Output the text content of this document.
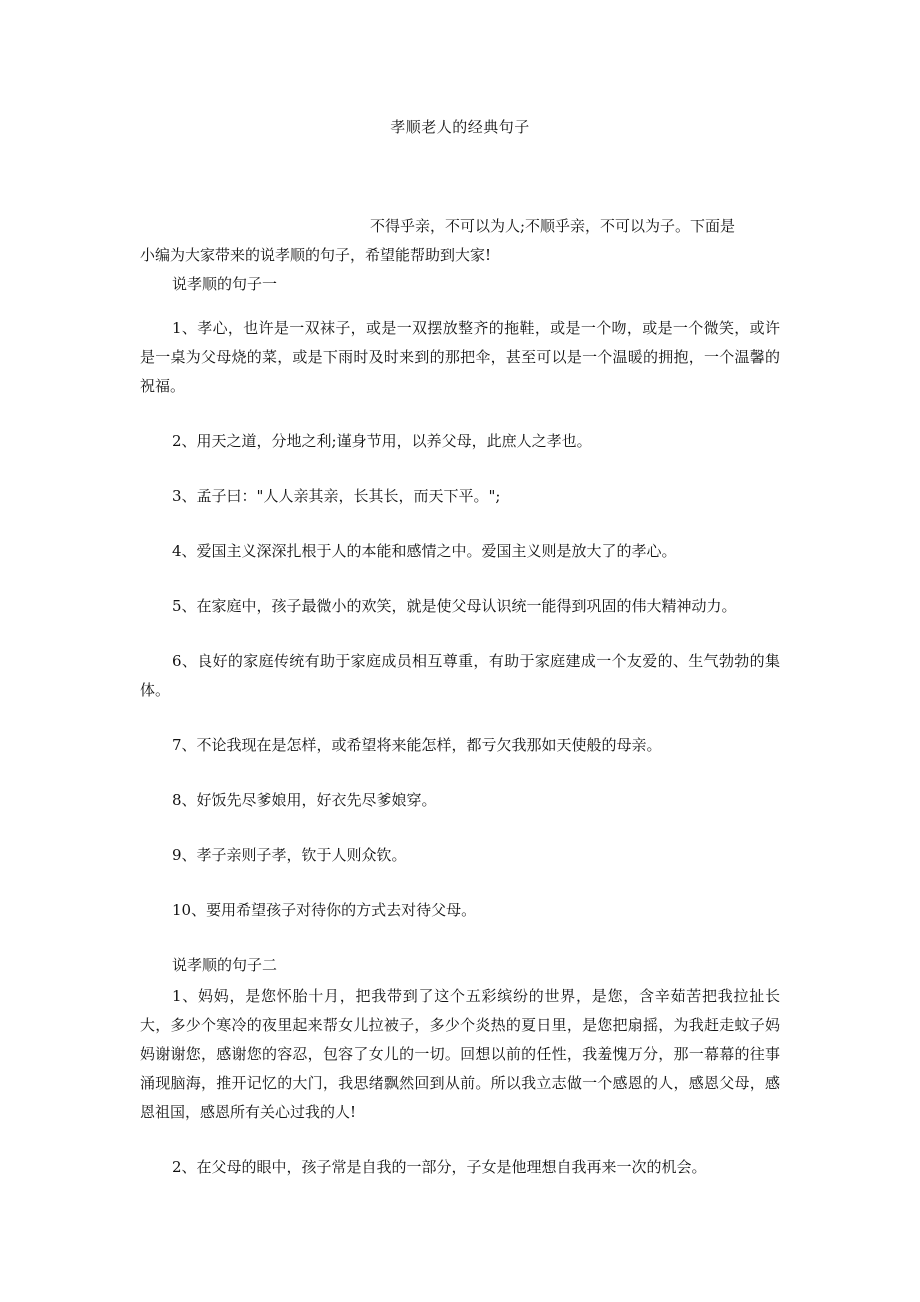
孝顺老人的经典句子
不得乎亲，不可以为人;不顺乎亲，不可以为子。下面是
小编为大家带来的说孝顺的句子，希望能帮助到大家!

说孝顺的句子一

1、孝心，也许是一双袜子，或是一双摆放整齐的拖鞋，或是一个吻，或是一个微笑，或许是一桌为父母烧的菜，或是下雨时及时来到的那把伞，甚至可以是一个温暖的拥抱，一个温馨的祝福。

2、用天之道，分地之利;谨身节用，以养父母，此庶人之孝也。

3、孟子曰："人人亲其亲，长其长，而天下平。";

4、爱国主义深深扎根于人的本能和感情之中。爱国主义则是放大了的孝心。

5、在家庭中，孩子最微小的欢笑，就是使父母认识统一能得到巩固的伟大精神动力。

6、良好的家庭传统有助于家庭成员相互尊重，有助于家庭建成一个友爱的、生气勃勃的集体。

7、不论我现在是怎样，或希望将来能怎样，都亏欠我那如天使般的母亲。

8、好饭先尽爹娘用，好衣先尽爹娘穿。

9、孝子亲则子孝，钦于人则众钦。

10、要用希望孩子对待你的方式去对待父母。

说孝顺的句子二

1、妈妈，是您怀胎十月，把我带到了这个五彩缤纷的世界，是您，含辛茹苦把我拉扯长大，多少个寒冷的夜里起来帮女儿拉被子，多少个炎热的夏日里，是您把扇摇，为我赶走蚊子妈妈谢谢您，感谢您的容忍，包容了女儿的一切。回想以前的任性，我羞愧万分，那一幕幕的往事涌现脑海，推开记忆的大门，我思绪飘然回到从前。所以我立志做一个感恩的人，感恩父母，感恩祖国，感恩所有关心过我的人!

2、在父母的眼中，孩子常是自我的一部分，子女是他理想自我再来一次的机会。
